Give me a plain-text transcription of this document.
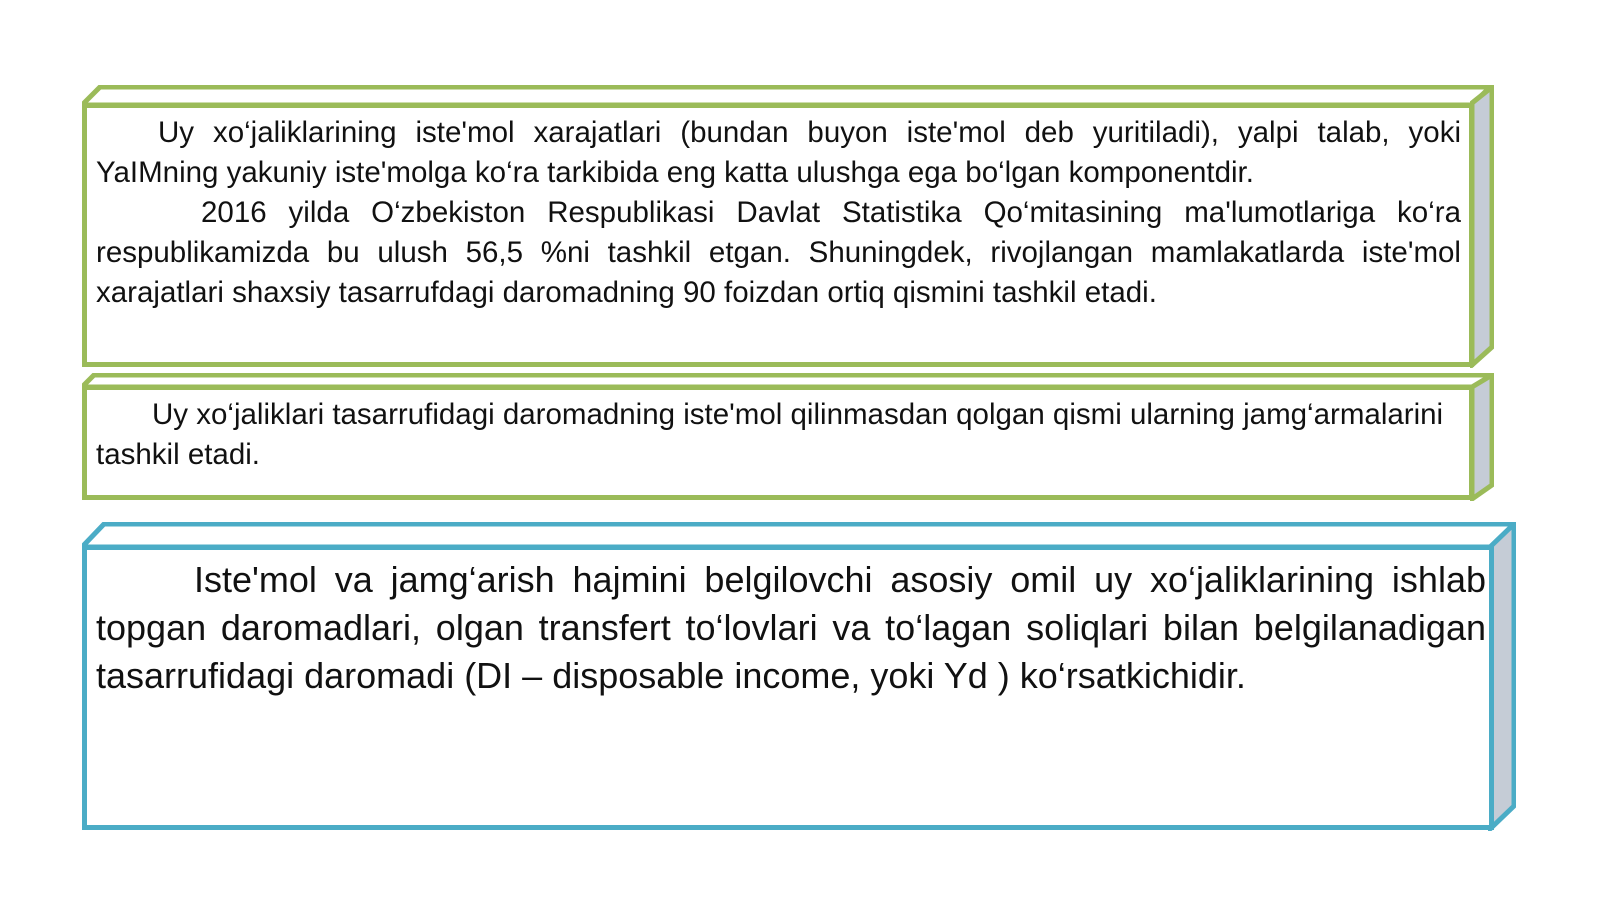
Uy xo‘jaliklarining iste'mol xarajatlari (bundan buyon iste'mol deb yuritiladi), yalpi talab, yoki YaIMning yakuniy iste'molga ko‘ra tarkibida eng katta ulushga ega bo‘lgan komponentdir.

2016 yilda O‘zbekiston Respublikasi Davlat Statistika Qo‘mitasining ma'lumotlariga ko‘ra respublikamizda bu ulush 56,5 %ni tashkil etgan. Shuningdek, rivojlangan mamlakatlarda iste'mol xarajatlari shaxsiy tasarrufdagi daromadning 90 foizdan ortiq qismini tashkil etadi.

Uy xo‘jaliklari tasarrufidagi daromadning iste'mol qilinmasdan qolgan qismi ularning jamg‘armalarini tashkil etadi.

Iste'mol va jamg‘arish hajmini belgilovchi asosiy omil uy xo‘jaliklarining ishlab topgan daromadlari, olgan transfert to‘lovlari va to‘lagan soliqlari bilan belgilanadigan tasarrufidagi daromadi (DI – disposable income, yoki Yd ) ko‘rsatkichidir.
